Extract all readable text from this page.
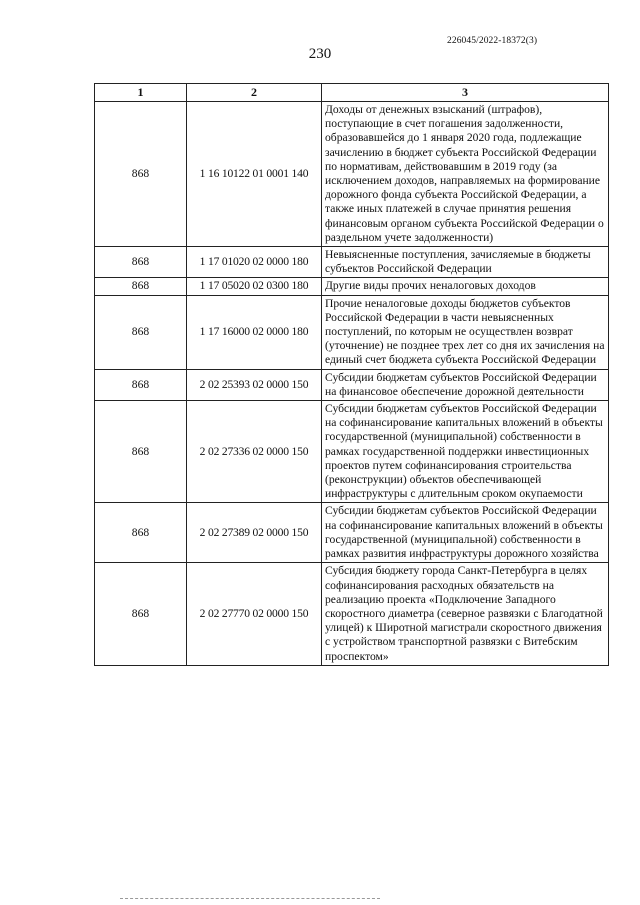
226045/2022-18372(3)
230
1	2	3
868	1 16 10122 01 0001 140	Доходы от денежных взысканий (штрафов), поступающие в счет погашения задолженности, образовавшейся до 1 января 2020 года, подлежащие зачислению в бюджет субъекта Российской Федерации по нормативам, действовавшим в 2019 году (за исключением доходов, направляемых на формирование дорожного фонда субъекта Российской Федерации, а также иных платежей в случае принятия решения финансовым органом субъекта Российской Федерации о раздельном учете задолженности)
868	1 17 01020 02 0000 180	Невыясненные поступления, зачисляемые в бюджеты субъектов Российской Федерации
868	1 17 05020 02 0300 180	Другие виды прочих неналоговых доходов
868	1 17 16000 02 0000 180	Прочие неналоговые доходы бюджетов субъектов Российской Федерации в части невыясненных поступлений, по которым не осуществлен возврат (уточнение) не позднее трех лет со дня их зачисления на единый счет бюджета субъекта Российской Федерации
868	2 02 25393 02 0000 150	Субсидии бюджетам субъектов Российской Федерации на финансовое обеспечение дорожной деятельности
868	2 02 27336 02 0000 150	Субсидии бюджетам субъектов Российской Федерации на софинансирование капитальных вложений в объекты государственной (муниципальной) собственности в рамках государственной поддержки инвестиционных проектов путем софинансирования строительства (реконструкции) объектов обеспечивающей инфраструктуры с длительным сроком окупаемости
868	2 02 27389 02 0000 150	Субсидии бюджетам субъектов Российской Федерации на софинансирование капитальных вложений в объекты государственной (муниципальной) собственности в рамках развития инфраструктуры дорожного хозяйства
868	2 02 27770 02 0000 150	Субсидия бюджету города Санкт-Петербурга в целях софинансирования расходных обязательств на реализацию проекта «Подключение Западного скоростного диаметра (северное развязки с Благодатной улицей) к Широтной магистрали скоростного движения с устройством транспортной развязки с Витебским проспектом»
